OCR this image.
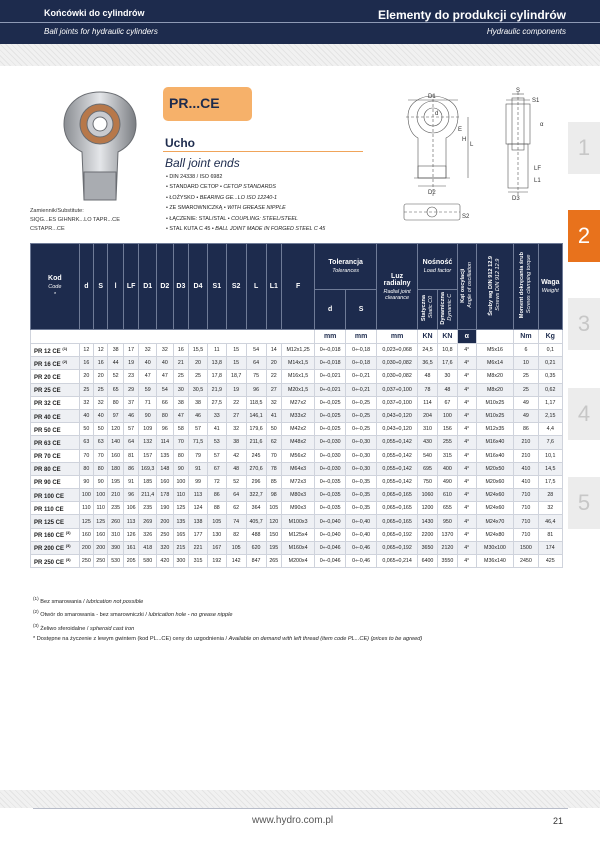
Końcówki do cylindrów
Ball joints for hydraulic cylinders
Elementy do produkcji cylindrów
Hydraulic components
1
2
3
4
5
Zamiennik/Substitute:
SIQG...ES GIHNRK...LO TAPR...CE
CSTAPR...CE
PR...CE
Ucho
Ball joint ends
• DIN 24338 / ISO 6982
• STANDARD CETOP • CETOP STANDARDS
• ŁOŻYSKO • BEARING GE...LO ISO 12240-1
• ZE SMAROWNICZKĄ • WITH GREASE NIPPLE
• ŁĄCZENIE: STAL/STAL • COUPLING: STEEL/STEEL
• STAL KUTA C 45 • BALL JOINT MADE IN FORGED STEEL C 45
D1
D2
L
H
E
d
S
S1
LF
L1
D3
α
S2
Kod
Code
*	d	S	l	LF	D1	D2	D3	D4	S1	S2	L	L1	F	Tolerancja
Tolerances		Luz radialny
Radial joint clearance	Nośność
Load factor		Kąt oscylacji Angle of oscillation	Śruby wg DIN 912 12.9 Screws DIN 912 12.9	Moment dokręcania śrub Screws clamping torque	Waga
Weight

														d	S		Statyczna Static C0	Dynamiczna Dynamic C				

														mm	mm	mm	KN	KN	α		Nm	Kg
PR 12 CE $^{(1)}$	12	12	38	17	32	32	16	15,5	11	15	54	14	M12x1,25	0÷-0,018	0÷-0,18	0,023÷0,068	24,5	10,8	4°	M5x16	6	0,1
PR 16 CE $^{(2)}$	16	16	44	19	40	40	21	20	13,8	15	64	20	M14x1,5	0÷-0,018	0÷-0,18	0,030÷0,082	36,5	17,6	4°	M6x14	10	0,21
PR 20 CE	20	20	52	23	47	47	25	25	17,8	18,7	75	22	M16x1,5	0÷-0,021	0÷-0,21	0,030÷0,082	48	30	4°	M8x20	25	0,35
PR 25 CE	25	25	65	29	59	54	30	30,5	21,9	19	96	27	M20x1,5	0÷-0,021	0÷-0,21	0,037÷0,100	78	48	4°	M8x20	25	0,62
PR 32 CE	32	32	80	37	71	66	38	38	27,5	22	118,5	32	M27x2	0÷-0,025	0÷-0,25	0,037÷0,100	114	67	4°	M10x25	49	1,17
PR 40 CE	40	40	97	46	90	80	47	46	33	27	146,1	41	M33x2	0÷-0,025	0÷-0,25	0,043÷0,120	204	100	4°	M10x25	49	2,15
PR 50 CE	50	50	120	57	109	96	58	57	41	32	179,6	50	M42x2	0÷-0,025	0÷-0,25	0,043÷0,120	310	156	4°	M12x35	86	4,4
PR 63 CE	63	63	140	64	132	114	70	71,5	53	38	211,6	62	M48x2	0÷-0,030	0÷-0,30	0,055÷0,142	430	255	4°	M16x40	210	7,6
PR 70 CE	70	70	160	81	157	135	80	79	57	42	245	70	M56x2	0÷-0,030	0÷-0,30	0,055÷0,142	540	315	4°	M16x40	210	10,1
PR 80 CE	80	80	180	86	169,3	148	90	91	67	48	270,6	78	M64x3	0÷-0,030	0÷-0,30	0,055÷0,142	695	400	4°	M20x50	410	14,5
PR 90 CE	90	90	195	91	185	160	100	99	72	52	296	85	M72x3	0÷-0,035	0÷-0,35	0,055÷0,142	750	490	4°	M20x60	410	17,5
PR 100 CE	100	100	210	96	211,4	178	110	113	86	64	322,7	98	M80x3	0÷-0,035	0÷-0,35	0,065÷0,165	1060	610	4°	M24x60	710	28
PR 110 CE	110	110	235	106	235	190	125	124	88	62	364	105	M90x3	0÷-0,035	0÷-0,35	0,065÷0,165	1200	655	4°	M24x60	710	32
PR 125 CE	125	125	260	113	269	200	135	138	105	74	405,7	120	M100x3	0÷-0,040	0÷-0,40	0,065÷0,165	1430	950	4°	M24x70	710	46,4
PR 160 CE $^{(3)}$	160	160	310	126	326	250	165	177	130	82	488	150	M125x4	0÷-0,040	0÷-0,40	0,065÷0,192	2200	1370	4°	M24x80	710	81
PR 200 CE $^{(3)}$	200	200	390	161	418	320	215	221	167	105	620	195	M160x4	0÷-0,046	0÷-0,46	0,065÷0,192	3650	2120	4°	M30x100	1500	174
PR 250 CE $^{(3)}$	250	250	530	205	580	420	300	315	192	142	847	265	M200x4	0÷-0,046	0÷-0,46	0,065÷0,214	6400	3550	4°	M36x140	2450	425
$^{(1)}$ Bez smarowania / lubrication not possible
$^{(2)}$ Otwór do smarowania - bez smarowniczki / lubrication hole - no grease nipple
$^{(3)}$ Żeliwo sferoidalne / spheroid cast iron
* Dostępne na życzenie z lewym gwintem (kod PL...CE) ceny do uzgodnienia / Available on demand with left thread (item code PL...CE) (prices to be agreed)
www.hydro.com.pl	21
